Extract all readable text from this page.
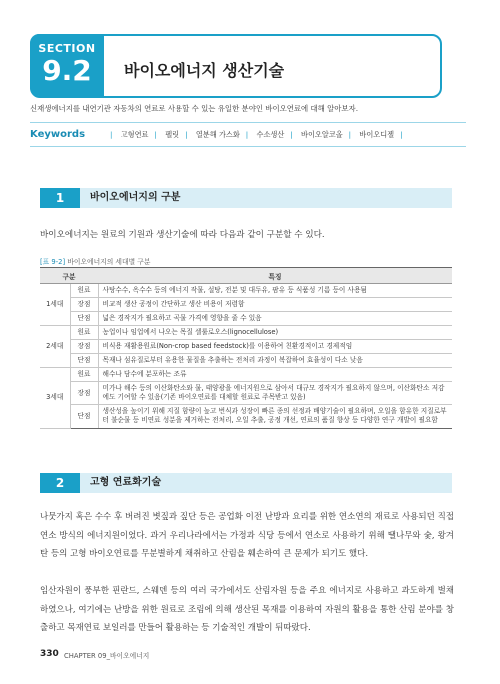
SECTION
9.2	바이오에너지 생산기술
신재생에너지를 내연기관 자동차의 연료로 사용할 수 있는 유일한 분야인 바이오연료에 대해 알아보자.
Keywords	| 고형연료 | 펠릿 | 열분해 가스화 | 수소생산 | 바이오알코올 | 바이오디젤 |
1	바이오에너지의 구분
바이오에너지는 원료의 기원과 생산기술에 따라 다음과 같이 구분할 수 있다.
[표 9-2] 바이오에너지의 세대별 구분
구분		특징
1세대	원료	사탕수수, 옥수수 등의 에너지 작물, 설탕, 전분 및 대두유, 팜유 등 식품성 기름 등이 사용됨
	장점	비교적 생산 공정이 간단하고 생산 비용이 저렴함
	단점	넓은 경작지가 필요하고 곡물 가격에 영향을 줄 수 있음
2세대	원료	농업이나 임업에서 나오는 목질 셀룰로오스(lignocellulose)
	장점	비식용 재활용원료(Non-crop based feedstock)를 이용하여 친환경적이고 경제적임
	단점	목재나 섬유질로부터 유용한 물질을 추출하는 전처리 과정이 복잡하여 효율성이 다소 낮음
3세대	원료	해수나 담수에 분포하는 조류
	장점	미가나 해수 등의 이산화탄소와 물, 태양광을 에너지원으로 삼아서 대규모 경작지가 필요하지 않으며, 이산화탄소 저감에도 기여할 수 있음(기존 바이오연료를 대체할 원료로 주목받고 있음)
	단점	생산성을 높이기 위해 지질 함량이 높고 번식과 성장이 빠른 종의 선정과 배양기술이 필요하며, 오일을 함유한 지질로부터 불순물 등 비연료 성분을 제거하는 전처리, 오일 추출, 공정 개선, 연료의 품질 향상 등 다양한 연구 개발이 필요함
2	고형 연료화기술
나뭇가지 혹은 수수 후 버려진 볏짚과 짚단 등은 공업화 이전 난방과 요리를 위한 연소연의 재료로 사용되던 직접 연소 방식의 에너지원이었다. 과거 우리나라에서는 가정과 식당 등에서 연소로 사용하기 위해 땔나무와 숯, 왕겨탄 등의 고형 바이오연료를 무분별하게 채취하고 산림을 훼손하여 큰 문제가 되기도 했다.
임산자원이 풍부한 핀란드, 스웨덴 등의 여러 국가에서도 산림자원 등을 주요 에너지로 사용하고 과도하게 벌채하였으나, 여기에는 난방을 위한 원료로 조림에 의해 생산된 목재를 이용하여 자원의 활용을 통한 산림 분야를 창출하고 목재연료 보일러를 만들어 활용하는 등 기술적인 개발이 뒤따랐다.
330 CHAPTER 09_바이오에너지
